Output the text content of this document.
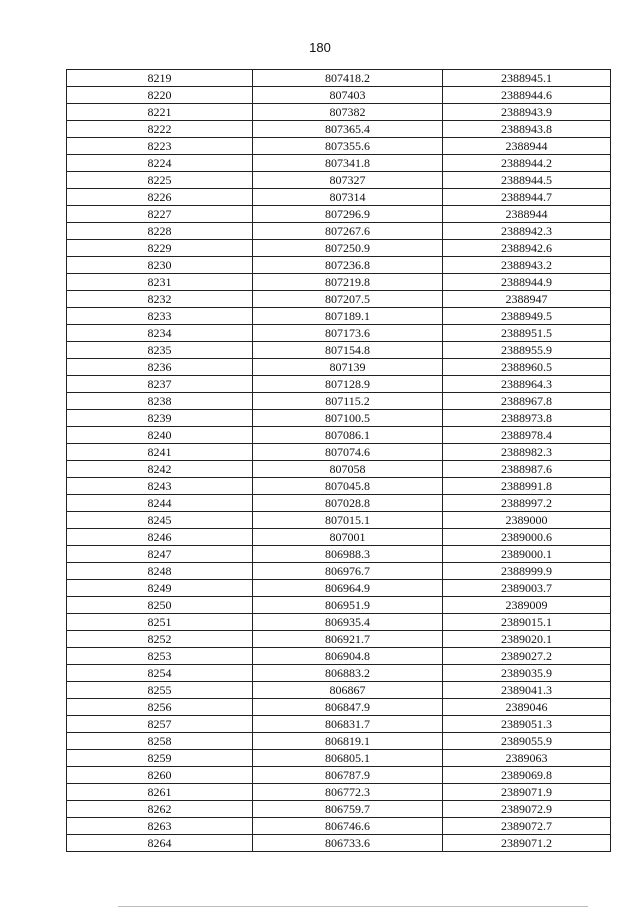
180
8219	807418.2	2388945.1
8220	807403	2388944.6
8221	807382	2388943.9
8222	807365.4	2388943.8
8223	807355.6	2388944
8224	807341.8	2388944.2
8225	807327	2388944.5
8226	807314	2388944.7
8227	807296.9	2388944
8228	807267.6	2388942.3
8229	807250.9	2388942.6
8230	807236.8	2388943.2
8231	807219.8	2388944.9
8232	807207.5	2388947
8233	807189.1	2388949.5
8234	807173.6	2388951.5
8235	807154.8	2388955.9
8236	807139	2388960.5
8237	807128.9	2388964.3
8238	807115.2	2388967.8
8239	807100.5	2388973.8
8240	807086.1	2388978.4
8241	807074.6	2388982.3
8242	807058	2388987.6
8243	807045.8	2388991.8
8244	807028.8	2388997.2
8245	807015.1	2389000
8246	807001	2389000.6
8247	806988.3	2389000.1
8248	806976.7	2388999.9
8249	806964.9	2389003.7
8250	806951.9	2389009
8251	806935.4	2389015.1
8252	806921.7	2389020.1
8253	806904.8	2389027.2
8254	806883.2	2389035.9
8255	806867	2389041.3
8256	806847.9	2389046
8257	806831.7	2389051.3
8258	806819.1	2389055.9
8259	806805.1	2389063
8260	806787.9	2389069.8
8261	806772.3	2389071.9
8262	806759.7	2389072.9
8263	806746.6	2389072.7
8264	806733.6	2389071.2
